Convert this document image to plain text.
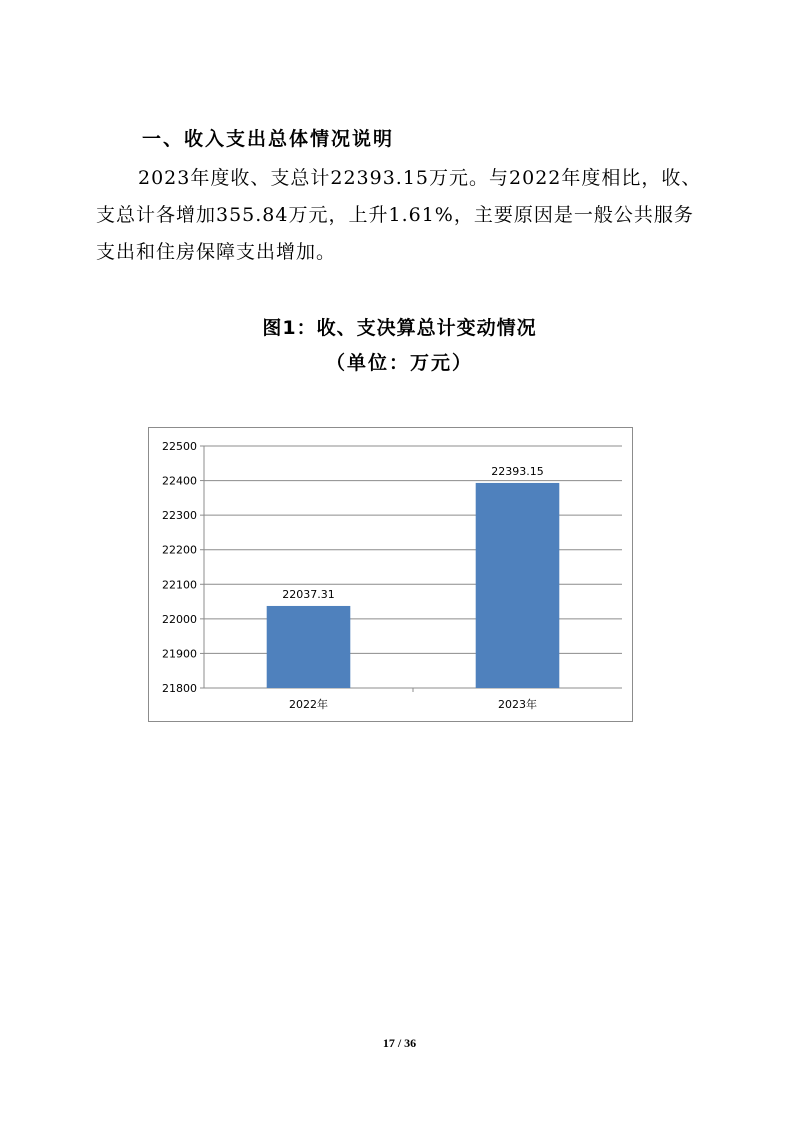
一、收入支出总体情况说明

2023年度收、支总计22393.15万元。与2022年度相比，收、支总计各增加355.84万元，上升1.61%，主要原因是一般公共服务支出和住房保障支出增加。

图1：收、支决算总计变动情况
（单位：万元）
21800
21900
22000
22100
22200
22300
22400
22500
22037.31
2022年
22393.15
2023年
17 / 36
